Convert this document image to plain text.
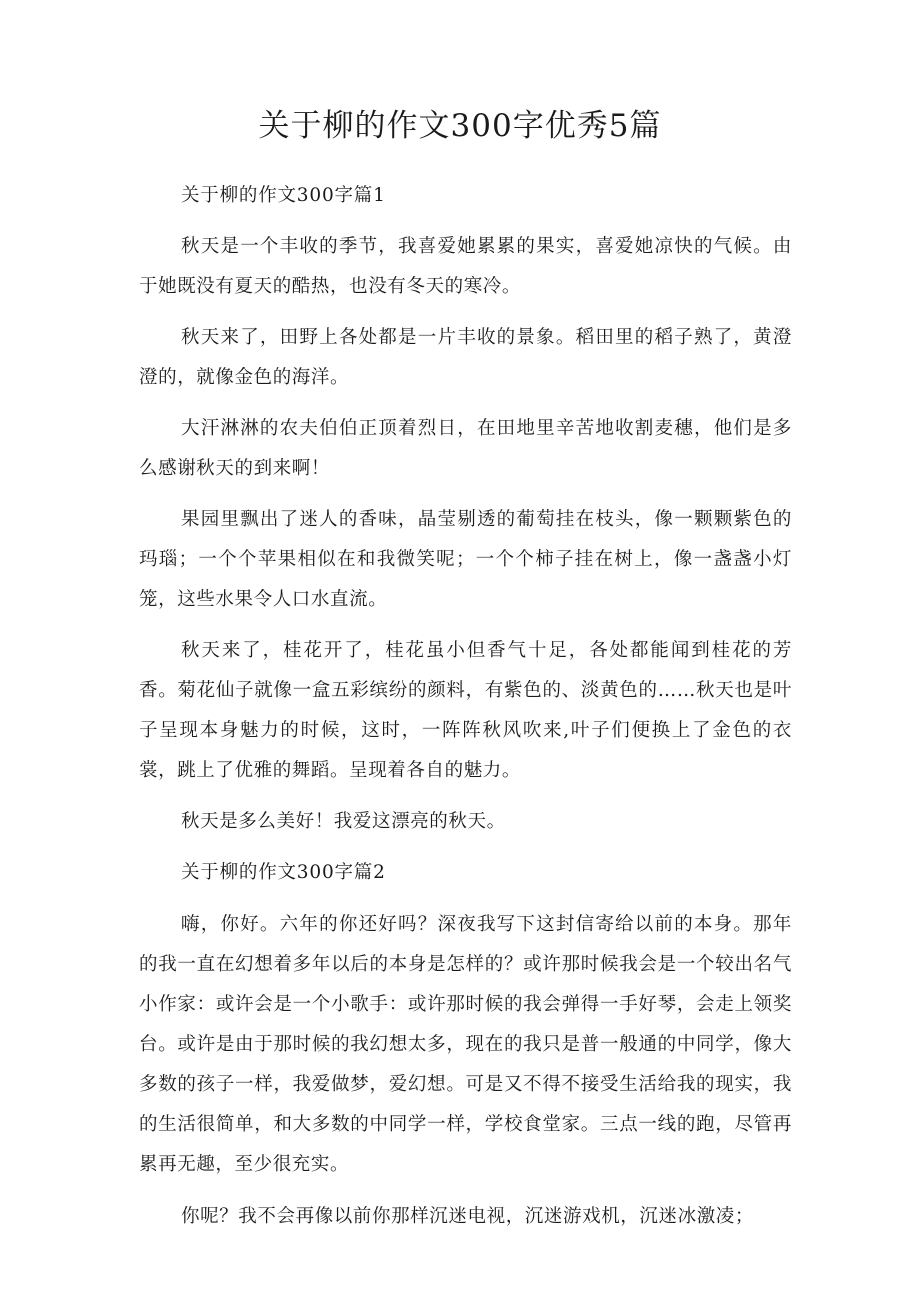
关于柳的作文300字优秀5篇

关于柳的作文300字篇1

秋天是一个丰收的季节，我喜爱她累累的果实，喜爱她凉快的气候。由于她既没有夏天的酷热，也没有冬天的寒冷。

秋天来了，田野上各处都是一片丰收的景象。稻田里的稻子熟了，黄澄澄的，就像金色的海洋。

大汗淋淋的农夫伯伯正顶着烈日，在田地里辛苦地收割麦穗，他们是多么感谢秋天的到来啊！

果园里飘出了迷人的香味，晶莹剔透的葡萄挂在枝头，像一颗颗紫色的玛瑙；一个个苹果相似在和我微笑呢；一个个柿子挂在树上，像一盏盏小灯笼，这些水果令人口水直流。

秋天来了，桂花开了，桂花虽小但香气十足，各处都能闻到桂花的芳香。菊花仙子就像一盒五彩缤纷的颜料，有紫色的、淡黄色的……秋天也是叶子呈现本身魅力的时候，这时，一阵阵秋风吹来,叶子们便换上了金色的衣裳，跳上了优雅的舞蹈。呈现着各自的魅力。

秋天是多么美好！我爱这漂亮的秋天。

关于柳的作文300字篇2

嗨，你好。六年的你还好吗？深夜我写下这封信寄给以前的本身。那年的我一直在幻想着多年以后的本身是怎样的？或许那时候我会是一个较出名气小作家：或许会是一个小歌手：或许那时候的我会弹得一手好琴，会走上领奖台。或许是由于那时候的我幻想太多，现在的我只是普一般通的中同学，像大多数的孩子一样，我爱做梦，爱幻想。可是又不得不接受生活给我的现实，我的生活很简单，和大多数的中同学一样，学校食堂家。三点一线的跑，尽管再累再无趣，至少很充实。

你呢？我不会再像以前你那样沉迷电视，沉迷游戏机，沉迷冰激凌；
